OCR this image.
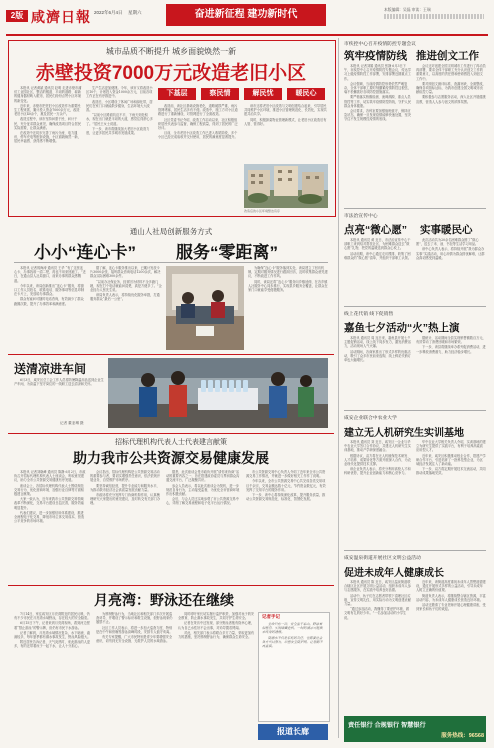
2版 咸濟日報 2022年6月4日 星期六	奋进新征程 建功新时代	本版编辑：吴磊 审读：王瑞
城市品质不断提升 城乡面貌焕然一新
赤壁投资7000万元改造老旧小区

本报讯 记者黄斌 通讯员 赵明 走进赤壁市蒲纺工业园社区，整洁的楼道、平坦的道路、崭新的健身器材映入眼帘，居民们纷纷点赞小区环境的新变化。

近年来，赤壁市把老旧小区改造作为重要民生工程来抓，累计投入资金7000余万元，改造老旧小区40余个，惠及居民一万余户。

改造过程中，该市坚持问需于民、问计于民，充分征求群众意见，确保改造项目符合居民实际需要，让群众满意。

在改造中还同步完善了雨污分流、电力通讯、停车充电等配套设施，小区面貌焕然一新，居民幸福感、获得感不断增强。

生产生活更加便捷。今年，该市又将改造小区10个，计划投入资金1000余万元，目前各项工作正在有序推进中。

改造后，小区增设了休闲广场和绿化带，居民们在家门口就能散步健身，生活环境大大改善。

“以前小区路面坑洼不平，下雨天到处积水，现在出门就是平坦的大道，感觉住得舒心多了。”居民王女士说道。

下一步，该市将继续加大老旧小区改造力度，让更多居民共享城市发展成果。

下基层	察民情	解民忧	暖民心

改造前，该社区基础设施老化，道路破损严重，雨污管网堵塞，居民生活多有不便。改造中，施工方对小区道路进行了重新铺设，对管网进行了全面改造。

社区党委书记介绍，改造工作启动以来，社区积极组织居民代表参与监督，确保工程质量，得到了居民的广泛好评。

目前，全市老旧小区改造工作已进入收尾阶段，多个小区已经完成验收并交付使用，居民的满意度显著提升。

该市还将老旧小区改造与文明创建结合起来，引导居民共同维护小区环境，推进小区管理规范化、长效化，实现共建共治共享。

同时，积极探索物业管理新模式，让老旧小区改造后有人管、管得好。

改造后的小区环境整洁有序
通山人社局创新服务方式
小小“连心卡” 服务“零距离”

本报讯 记者郭海涛 通讯员 王华 “有了这张连心卡，办事找谁一清二楚，再也不用来回跑了。”近日，在通山县人社局窗口，前来办事的群众感慨道。

今年以来，该局创新推出“连心卡”服务，将窗口工作人员姓名、联系电话、服务事项等信息印制在卡片上，发放给办事群众。

群众有疑问可随时电话咨询，有效减少了群众跑腿次数，提升了办事效率和满意度。

据了解，连心卡服务推出以来，已累计发放卡片3000余张，接听群众咨询电话1200余次，解决群众实际困难300余件。

“以前办社保业务，经常因为材料不全多跑几趟，现在打个电话就能问清楚，真是方便多了。”企业经办人张先生说。

该局负责人表示，将持续优化服务举措，打通服务群众“最后一公里”。

为确保“连心卡”服务落到实处，该局建立了回访机制，定期对服务情况进行跟踪回访，及时收集群众意见建议，不断改进工作作风。

同时，该局还将“连心卡”服务向乡镇延伸，在各乡镇人社服务中心同步推行，实现县乡服务全覆盖，让群众在家门口就能享受便捷服务。

送清凉进车间

6月3日，咸安区总工会工作人员将防暑降温用品送到企业生产车间，为高温下坚守岗位的一线职工送去清凉和关怀。

记者 董亚琳 摄
招标代理机构代表人士代表建言献策
助力我市公共资源交易健康发展

本报讯 记者刘晓峰 通讯员 陈静 6月2日，市政协召开招标代理机构代表人士座谈会，听取意见建议，助力全市公共资源交易健康有序发展。

座谈会上，各招标代理机构代表人士围绕规范交易行为、优化营商环境、加强行业自律等方面积极建言献策。

大家一致认为，近年来我市公共资源交易领域改革不断深化，交易平台建设日趋完善，服务效能明显提升。

代表们建议，进一步加强信用体系建设，推进全流程电子化交易，降低市场主体交易成本，营造公平竞争的市场环境。

会议指出，招标代理机构是公共资源交易活动的重要参与者，要切实增强责任意识，依法依规开展业务，自觉维护市场秩序。

要坚持诚信经营，提升专业能力和服务水平，为推动我市经济社会高质量发展贡献力量。

市政协将充分发挥专门协商机构作用，认真梳理研究大家提出的意见建议，及时转交有关部门办理。

据悉，此次座谈会是市政协开展“请你来协商”活动的重要内容之一，旨在搭建政协委员与界别群众沟通交流平台，广泛凝聚共识。

参会人员表示，将以此次座谈会为契机，进一步规范自身行为，主动接受监督，为优化全市营商环境作出积极贡献。

会后，与会人员还实地参观了市公共资源交易中心，详细了解交易流程和电子化平台运行情况。

市公共资源交易中心负责人介绍了近年来全市公共资源交易工作情况，并就进一步做好相关工作作了说明。

今年以来，全市公共资源交易中心共完成各类交易项目千余宗，交易金额达数十亿元，节约资金数亿元，有效发挥了交易平台的服务作用。

下一步，该中心将持续深化改革，提升服务质量，推动公共资源交易规范化、标准化、智慧化发展。

月亮湾：野泳还在继续

7月14日，家住咸安区月亮湾附近的居民反映，仍有不少市民在月亮湾水域野泳，存在较大的安全隐患。

6月15日下午，记者来到月亮湾现场，看到河边竖着“禁止游泳”的警示牌，但仍有市民下水游泳。

记者了解到，月亮湾水域情况复杂，水下暗流、漩涡较多，每年夏季都有溺水事故发生，野泳风险极大。

附近居民告诉记者，天气炎热时，来此游泳的人更多，有的还带着孩子一起下水，让人十分担心。

为遏制野泳行为，当地社区和相关部门多次开展巡查劝导，并增设了警示标识和救生设施，但野泳现象仍屡禁不止。

社区工作人员表示，将进一步加大巡查力度，特别是在中午和傍晚等游泳高峰时段，安排专人值守劝离。

有关专家提醒，广大市民特别是青少年要增强安全意识，切勿到无安全设施、无救护人员的水域游泳。

同时呼吁家长切实履行监护职责，加强对孩子的安全教育，防止溺水事故发生，共同守护生命安全。

记者在采访中还发现，部分野泳者抱有侥幸心理，认为自己水性好不会出事，对劝导置若罔闻。

对此，相关部门表示将联合多方力量，采取更加有力的措施，坚决遏制野泳行为，确保群众生命安全。

记者手记

生命只有一次，安全重于泰山。野泳看似惬意，实则暗藏危机，一时的清凉可能换来终身的遗憾。

防溺水不仅是家庭的责任，也需要社会各方共同努力，织密安全防护网，让悲剧不再重演。

报道长廊
市疾控中心召开疫情防控专题会议
筑牢疫情防线 推进创文工作

本报讯 记者刘娟 通讯员 张静 6月3日下午，市疾控中心召开疫情防控专题会议，传达学习上级疫情防控工作部署，安排部署近期重点工作。

会议强调，当前疫情防控形势依然严峻复杂，全体干部职工要时刻绷紧疫情防控这根弦，毫不松懈抓好各项防控措施落实。

要严格落实核酸检测、流调溯源、重点人员管控等工作，切实筑牢疫情防控防线，守护人民群众身体健康。

会议要求，各科室要加强值班值守，保持应急状态，确保一旦发现疫情能够快速处置，坚决守住不发生规模性疫情的底线。

会议还对创建全国文明城市工作进行了再动员再部署，要求全体干部职工充分认识创文工作的重要意义，以高度的责任感和使命感投入到创文工作中。

要对照创文测评标准，查漏补缺，全面整改，确保各项指标达标，为我市创建全国文明城市贡献疾控力量。

要积极参与志愿服务活动，深入社区开展健康宣教，营造人人参与创文的浓厚氛围。

市法治宣传中心
点亮“微心愿” 实事暖民心

本报讯 通讯员 黄 近日，市法治宣传中心干部职工来到结对帮扶社区，为困难群众送去“微心愿”礼物，把党的温暖送到群众心坎上。

活动前期，该中心通过走访摸排，收集了困难群众的“微心愿”清单，并组织干部职工认领。

此次活动共为20余名困难群众圆了“微心愿”，送去了米、油、书包等生活学习用品。

该中心负责人表示，将持续开展“我为群众办实事”实践活动，用心用情为群众排忧解难，让群众真切感受到温暖。

线上花代销 线下促销售
嘉鱼七夕活动“火”热上演

本报讯 通讯员 周 连日来，嘉鱼县开展七夕主题促销活动，线上线下同步发力，激发消费活力，活动现场人气火爆。

活动期间，各商家推出了形式多样的优惠活动，吸引了众多市民前来选购，线上鲜花代销订单也大幅增长。

据统计，活动期间全县实现销售额数百万元，有效带动了消费回暖和市场繁荣。

下一步，该县将继续举办系列促消费活动，进一步释放消费潜力，助力经济稳步增长。

咸安企业联合中农业大学
建立无人机研究生实训基地

本报讯 通讯员 刘 近日，咸安区一企业与华中农业大学签订合作协议，共建无人机研究生实训基地，推动产学研深度融合。

根据协议，双方将在无人机植保技术研发、人才培养、成果转化等方面开展深入合作，为农业现代化提供技术支撑。

该企业负责人表示，将充分利用高校人才和科研优势，提升企业创新能力和核心竞争力。

华中农业大学相关负责人介绍，实训基地的建立为研究生提供了实践平台，有利于培养高素质应用型人才。

近年来，咸安区积极推动校企合作，搭建产学研合作平台，引进培育了一批科技型企业，为区域经济发展注入了新动能。

下一步，双方将定期开展技术交流活动，共同推动成果落地见效。

咸安温泉街道开展社区文明公益活动
促进未成年人健康成长

本报讯 通讯员 陈 近日，咸安区温泉街道联合辖区社区开展文明公益活动，组织未成年人参与志愿服务，在实践中培养良好品德。

活动中，孩子们在志愿者带领下清理社区垃圾、宣传文明礼仪，用实际行动为文明创建贡献力量。

“通过参加活动，我懂得了要爱护环境，做文明有礼的好少年。”一名参加活动的小学生说。

近年来，该街道高度重视未成年人思想道德建设，通过开展形式多样的公益活动，引导未成年人树立正确的价值观。

街道负责人表示，将继续整合辖区资源，丰富活动内容，为未成年人健康成长营造良好环境。

活动还邀请了专业老师开展心理健康讲座，受到家长和孩子们的欢迎。

责任银行 合规银行 智慧银行
服务热线：96568
